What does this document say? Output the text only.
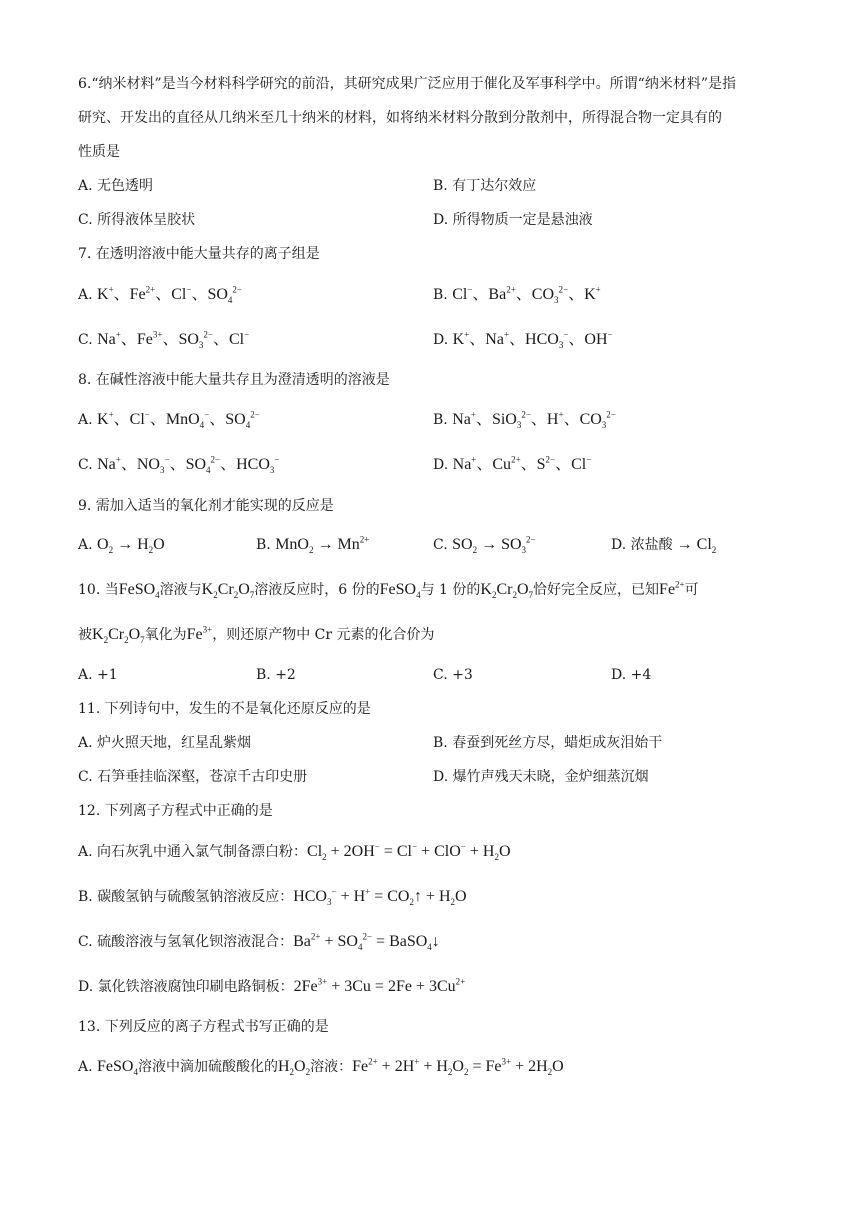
6.“纳米材料”是当今材料科学研究的前沿，其研究成果广泛应用于催化及军事科学中。所谓“纳米材料”是指
研究、开发出的直径从几纳米至几十纳米的材料，如将纳米材料分散到分散剂中，所得混合物一定具有的
性质是
A. 无色透明	B. 有丁达尔效应
C. 所得液体呈胶状	D. 所得物质一定是悬浊液
7. 在透明溶液中能大量共存的离子组是
A. K+、$Fe^{2+}$、Cl−、$SO_4^{2-}$	B. Cl−、$Ba^{2+}$、$CO_3^{2-}$、K+
C. Na+、$Fe^{3+}$、$SO_3^{2-}$、Cl−	D. K+、Na+、$HCO_3^-$、OH−
8. 在碱性溶液中能大量共存且为澄清透明的溶液是
A. K+、Cl−、MnO$_4$−、$SO_4^{2-}$	B. Na+、SiO$_3^{2-}$、H+、$CO_3^{2-}$
C. Na+、$NO_3^-$、$SO_4^{2-}$、$HCO_3^-$	D. Na+、$Cu^{2+}$、$S^{2-}$、Cl−
9. 需加入适当的氧化剂才能实现的反应是
A. $O_2 \to H_2O$	B. $MnO_2 \to Mn^{2+}$	C. $SO_2 \to SO_3^{2-}$	D. 浓盐酸 → $Cl_2$
10. 当FeSO$_4$溶液与$K_2Cr_2O_7$溶液反应时，6 份的FeSO$_4$与 1 份的$K_2Cr_2O_7$恰好完全反应，已知$Fe^{2+}$可
被$K_2Cr_2O_7$氧化为$Fe^{3+}$，则还原产物中 Cr 元素的化合价为
A. +1	B. +2	C. +3	D. +4
11. 下列诗句中，发生的不是氧化还原反应的是
A. 炉火照天地，红星乱紫烟	B. 春蚕到死丝方尽，蜡炬成灰泪始干
C. 石笋垂挂临深壑，苍凉千古印史册	D. 爆竹声残天未晓，金炉细蒸沉烟
12. 下列离子方程式中正确的是
A. 向石灰乳中通入氯气制备漂白粉：$Cl_2 + 2OH^- = Cl^- + ClO^- + H_2O$
B. 碳酸氢钠与硫酸氢钠溶液反应：$HCO_3^- + H^+$ = $CO_2↑ + H_2O$
C. 硫酸溶液与氢氧化钡溶液混合：$Ba^{2+} + SO_4^{2-}$ = BaSO$_4$↓
D. 氯化铁溶液腐蚀印刷电路铜板：$2Fe^{3+} + 3Cu = 2Fe + 3Cu^{2+}$
13. 下列反应的离子方程式书写正确的是
A. FeSO$_4$溶液中滴加硫酸酸化的$H_2O_2$溶液：$Fe^{2+} + 2H^+ + H_2O_2 = Fe^{3+} + 2H_2O$
